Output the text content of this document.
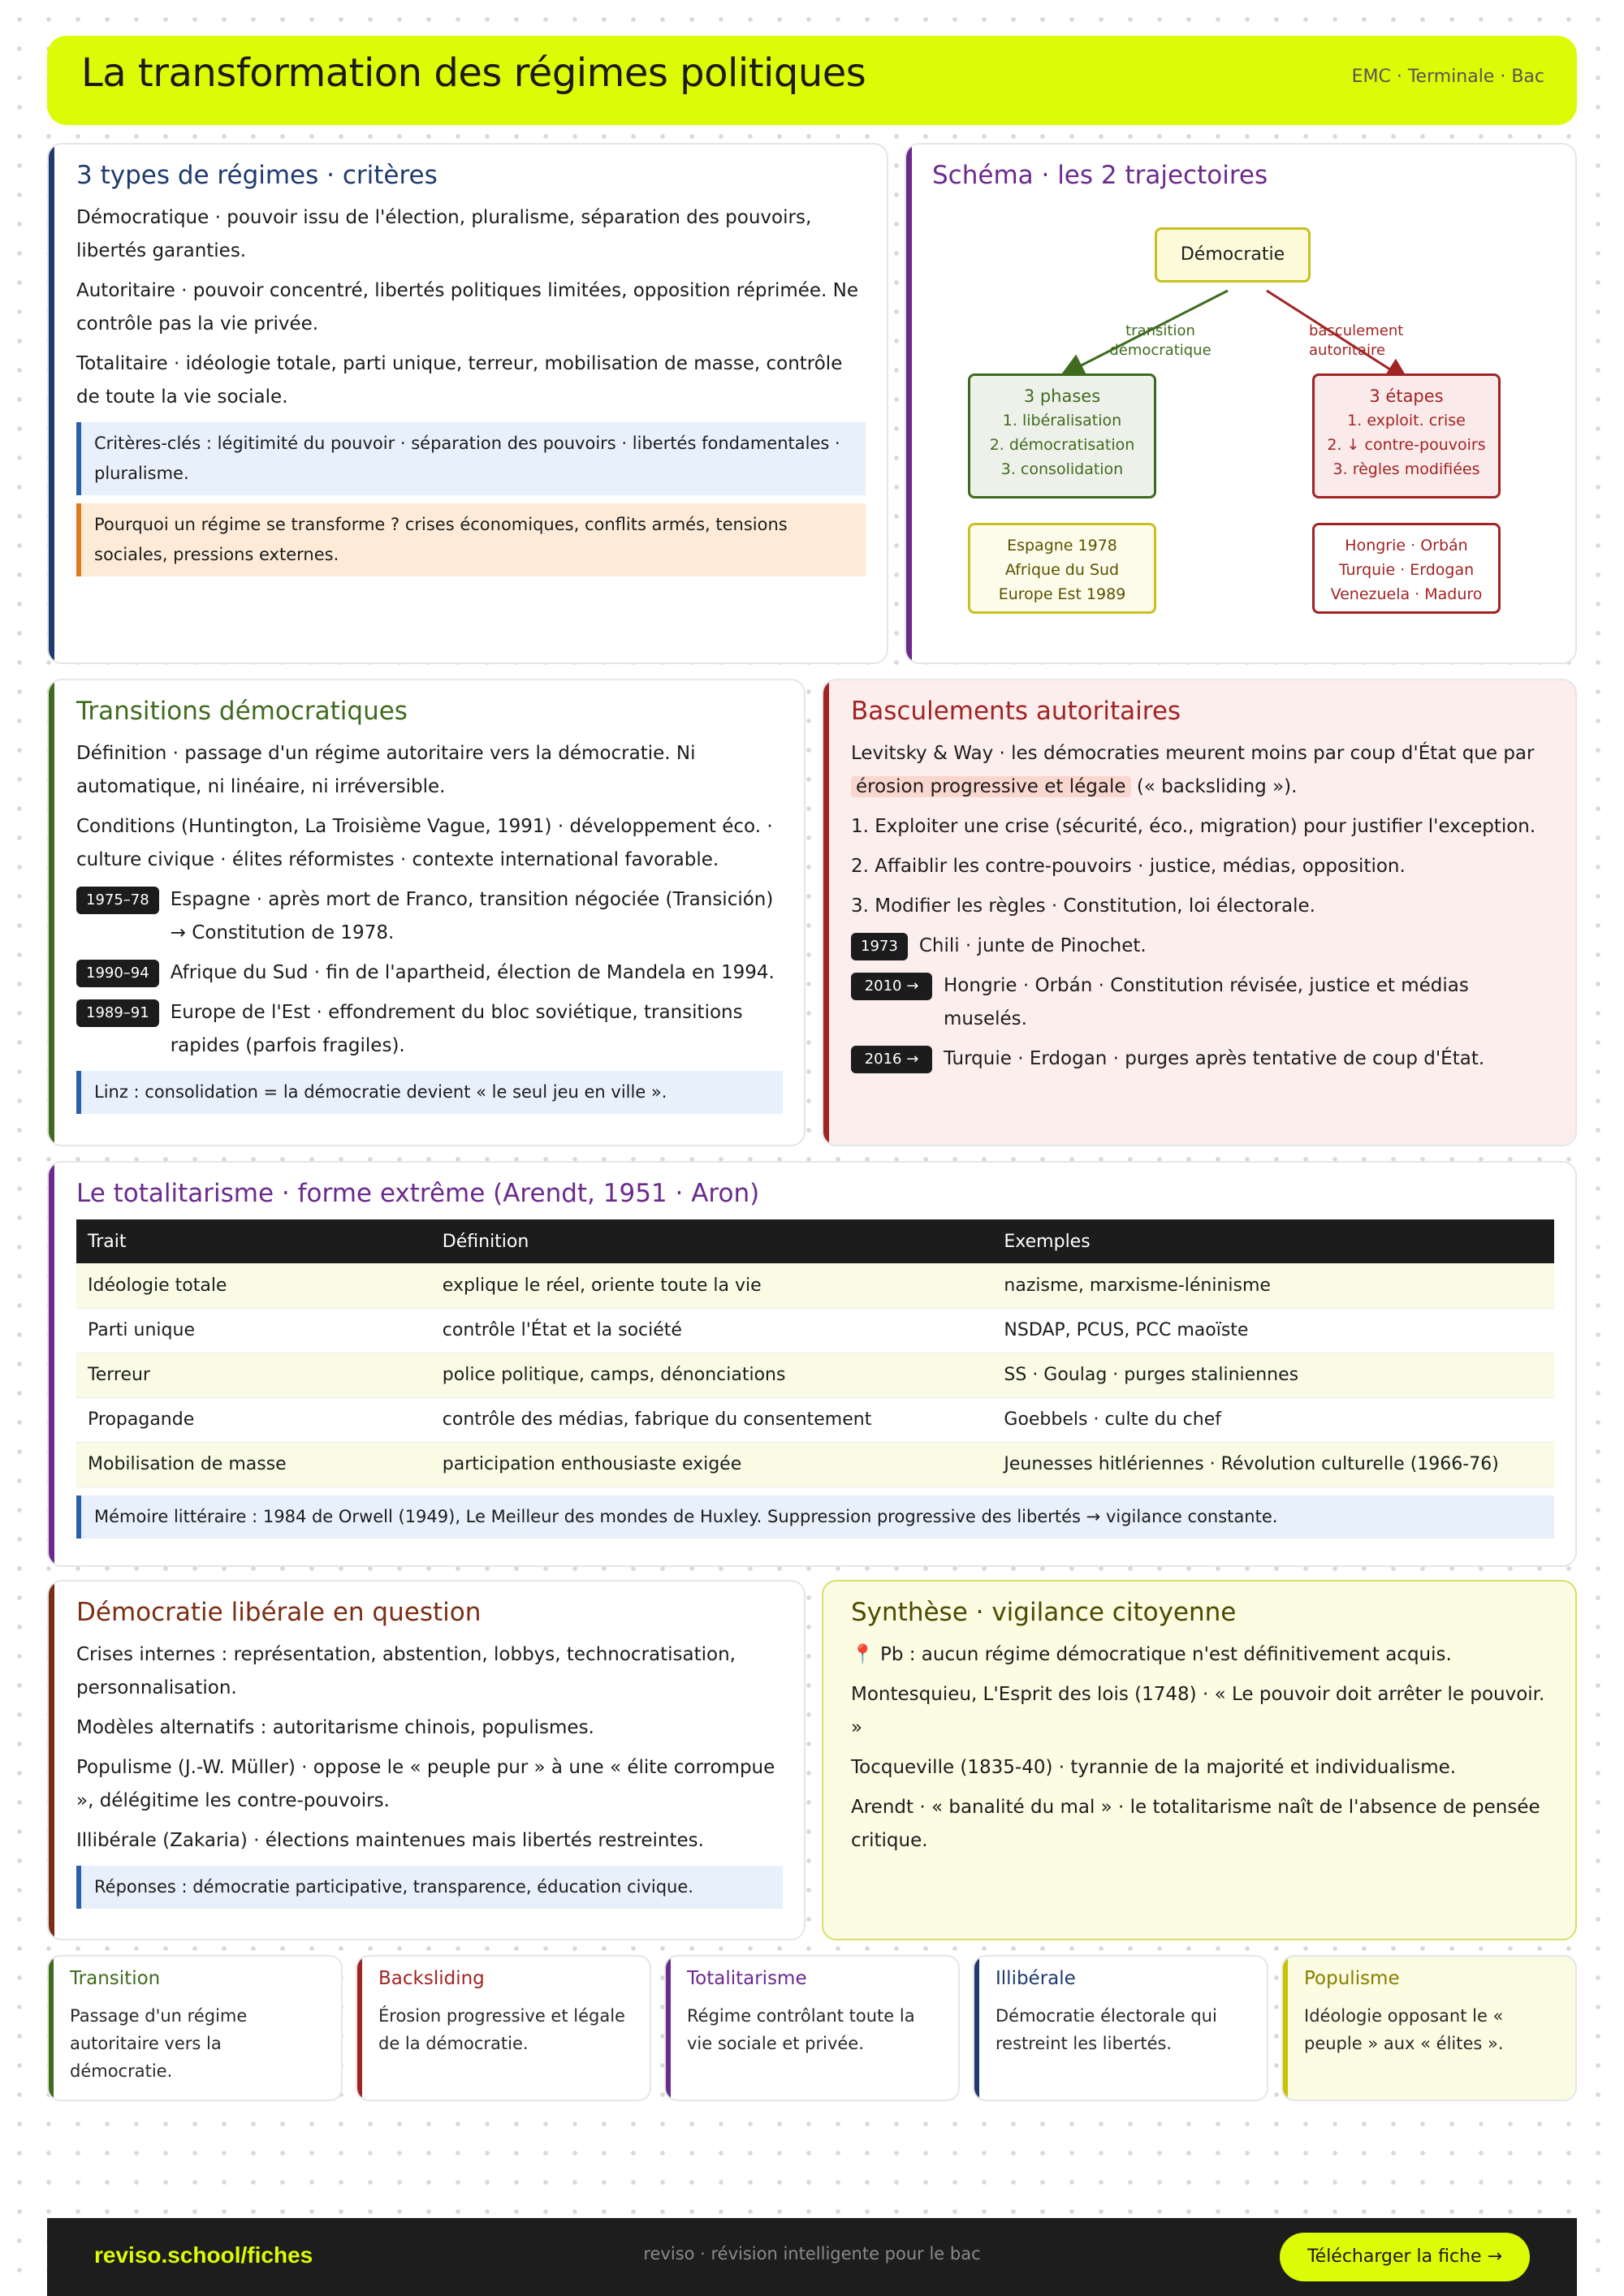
La transformation des régimes politiques	EMC · Terminale · Bac
3 types de régimes · critères

Démocratique · pouvoir issu de l'élection, pluralisme, séparation des pouvoirs, libertés garanties.

Autoritaire · pouvoir concentré, libertés politiques limitées, opposition réprimée. Ne contrôle pas la vie privée.

Totalitaire · idéologie totale, parti unique, terreur, mobilisation de masse, contrôle de toute la vie sociale.

Critères-clés : légitimité du pouvoir · séparation des pouvoirs · libertés fondamentales · pluralisme.
Pourquoi un régime se transforme ? crises économiques, conflits armés, tensions sociales, pressions externes.
Schéma · les 2 trajectoires
Démocratie
transition
démocratique
basculement
autoritaire
3 phases
1. libéralisation
2. démocratisation
3. consolidation
3 étapes
1. exploit. crise
2. ↓ contre-pouvoirs
3. règles modifiées
Espagne 1978
Afrique du Sud
Europe Est 1989
Hongrie · Orbán
Turquie · Erdogan
Venezuela · Maduro
Transitions démocratiques

Définition · passage d'un régime autoritaire vers la démocratie. Ni automatique, ni linéaire, ni irréversible.

Conditions (Huntington, La Troisième Vague, 1991) · développement éco. · culture civique · élites réformistes · contexte international favorable.

1975–78	Espagne · après mort de Franco, transition négociée (Transición) → Constitution de 1978.
1990–94	Afrique du Sud · fin de l'apartheid, élection de Mandela en 1994.
1989–91	Europe de l'Est · effondrement du bloc soviétique, transitions rapides (parfois fragiles).
Linz : consolidation = la démocratie devient « le seul jeu en ville ».
Basculements autoritaires

Levitsky & Way · les démocraties meurent moins par coup d'État que par érosion progressive et légale (« backsliding »).

1. Exploiter une crise (sécurité, éco., migration) pour justifier l'exception.

2. Affaiblir les contre-pouvoirs · justice, médias, opposition.

3. Modifier les règles · Constitution, loi électorale.

1973	Chili · junte de Pinochet.
2010 →	Hongrie · Orbán · Constitution révisée, justice et médias muselés.
2016 →	Turquie · Erdogan · purges après tentative de coup d'État.
Le totalitarisme · forme extrême (Arendt, 1951 · Aron)
Trait	Définition	Exemples
Idéologie totale	explique le réel, oriente toute la vie	nazisme, marxisme-léninisme
Parti unique	contrôle l'État et la société	NSDAP, PCUS, PCC maoïste
Terreur	police politique, camps, dénonciations	SS · Goulag · purges staliniennes
Propagande	contrôle des médias, fabrique du consentement	Goebbels · culte du chef
Mobilisation de masse	participation enthousiaste exigée	Jeunesses hitlériennes · Révolution culturelle (1966-76)
Mémoire littéraire : 1984 de Orwell (1949), Le Meilleur des mondes de Huxley. Suppression progressive des libertés → vigilance constante.
Démocratie libérale en question

Crises internes : représentation, abstention, lobbys, technocratisation, personnalisation.

Modèles alternatifs : autoritarisme chinois, populismes.

Populisme (J.-W. Müller) · oppose le « peuple pur » à une « élite corrompue », délégitime les contre-pouvoirs.

Illibérale (Zakaria) · élections maintenues mais libertés restreintes.

Réponses : démocratie participative, transparence, éducation civique.
Synthèse · vigilance citoyenne

📍 Pb : aucun régime démocratique n'est définitivement acquis.

Montesquieu, L'Esprit des lois (1748) · « Le pouvoir doit arrêter le pouvoir. »

Tocqueville (1835-40) · tyrannie de la majorité et individualisme.

Arendt · « banalité du mal » · le totalitarisme naît de l'absence de pensée critique.

Transition
Passage d'un régime autoritaire vers la démocratie.
Backsliding
Érosion progressive et légale de la démocratie.
Totalitarisme
Régime contrôlant toute la vie sociale et privée.
Illibérale
Démocratie électorale qui restreint les libertés.
Populisme
Idéologie opposant le « peuple » aux « élites ».
reviso.school/fiches	reviso · révision intelligente pour le bac	Télécharger la fiche →
